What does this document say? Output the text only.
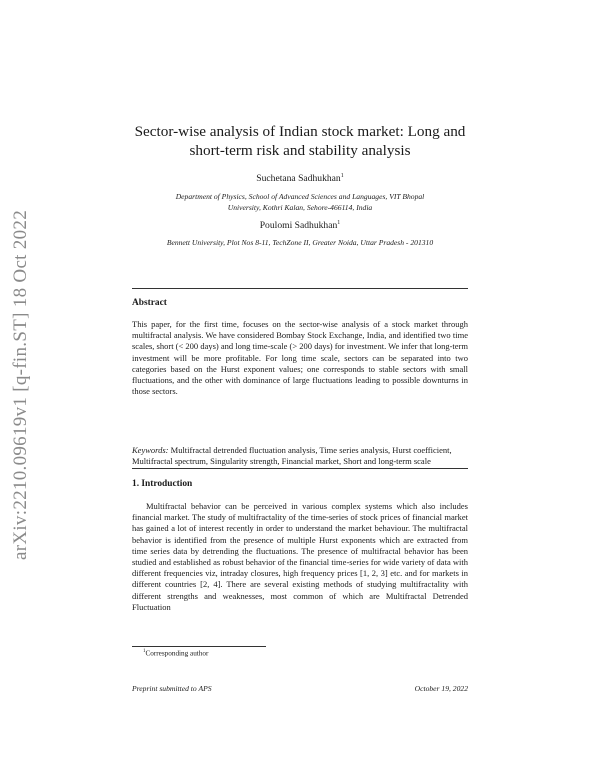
arXiv:2210.09619v1 [q-fin.ST] 18 Oct 2022
Sector-wise analysis of Indian stock market: Long and
short-term risk and stability analysis
Suchetana Sadhukhan$^1$
Department of Physics, School of Advanced Sciences and Languages, VIT Bhopal
University, Kothri Kalan, Sehore-466114, India
Poulomi Sadhukhan$^1$
Bennett University, Plot Nos 8-11, TechZone II, Greater Noida, Uttar Pradesh - 201310
Abstract

This paper, for the first time, focuses on the sector-wise analysis of a stock market through multifractal analysis. We have considered Bombay Stock Exchange, India, and identified two time scales, short (< 200 days) and long time-scale (> 200 days) for investment. We infer that long-term investment will be more profitable. For long time scale, sectors can be separated into two categories based on the Hurst exponent values; one corresponds to stable sectors with small fluctuations, and the other with dominance of large fluctuations leading to possible downturns in those sectors.

Keywords: Multifractal detrended fluctuation analysis, Time series analysis, Hurst coefficient, Multifractal spectrum, Singularity strength, Financial market, Short and long-term scale

1. Introduction

Multifractal behavior can be perceived in various complex systems which also includes financial market. The study of multifractality of the time-series of stock prices of financial market has gained a lot of interest recently in order to understand the market behaviour. The multifractal behavior is identified from the presence of multiple Hurst exponents which are extracted from time series data by detrending the fluctuations. The presence of multifractal behavior has been studied and established as robust behavior of the financial time-series for wide variety of data with different frequencies viz, intraday closures, high frequency prices [1, 2, 3] etc. and for markets in different countries [2, 4]. There are several existing methods of studying multifractality with different strengths and weaknesses, most common of which are Multifractal Detrended Fluctuation

$^1$Corresponding author
Preprint submitted to APS	October 19, 2022
